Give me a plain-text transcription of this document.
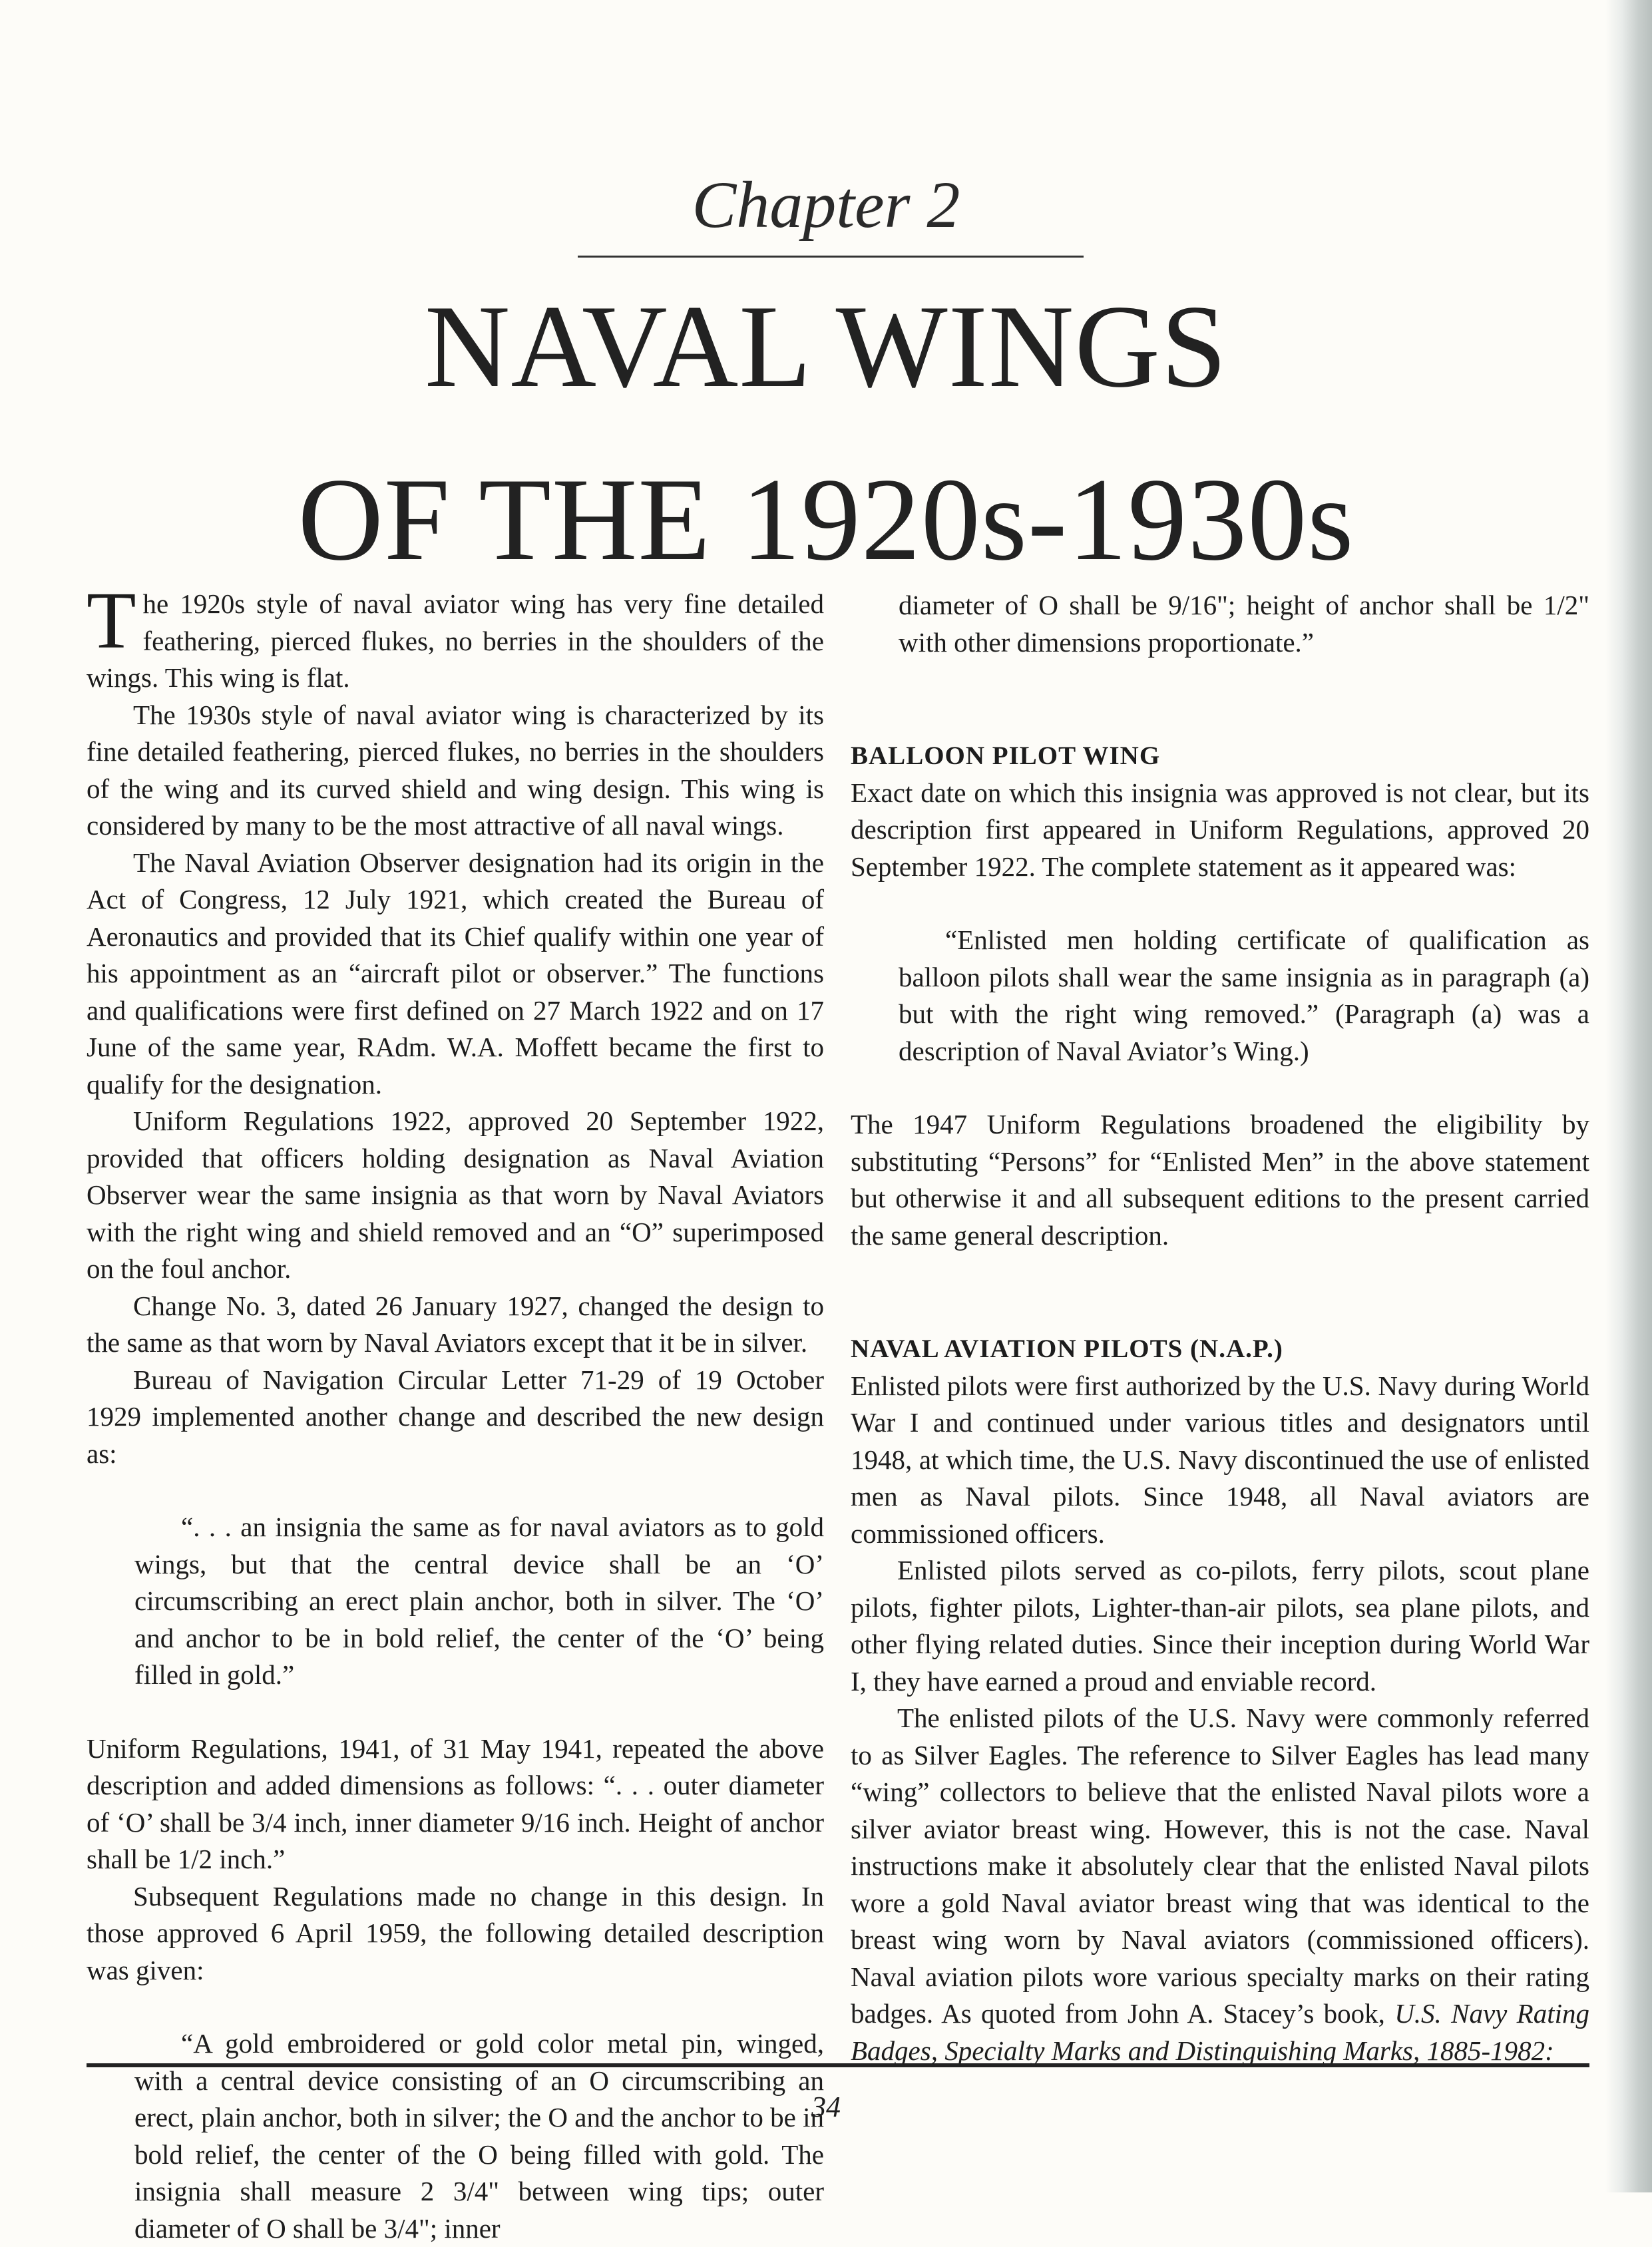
Chapter 2
NAVAL WINGS
OF THE 1920s-1930s

The 1920s style of naval aviator wing has very fine detailed feathering, pierced flukes, no berries in the shoulders of the wings. This wing is flat.

The 1930s style of naval aviator wing is characterized by its fine detailed feathering, pierced flukes, no berries in the shoulders of the wing and its curved shield and wing design. This wing is considered by many to be the most attractive of all naval wings.

The Naval Aviation Observer designation had its origin in the Act of Congress, 12 July 1921, which created the Bureau of Aeronautics and provided that its Chief qualify within one year of his appointment as an “aircraft pilot or observer.” The functions and qualifications were first defined on 27 March 1922 and on 17 June of the same year, RAdm. W.A. Moffett became the first to qualify for the designation.

Uniform Regulations 1922, approved 20 September 1922, provided that officers holding designation as Naval Aviation Observer wear the same insignia as that worn by Naval Aviators with the right wing and shield removed and an “O” superimposed on the foul anchor.

Change No. 3, dated 26 January 1927, changed the design to the same as that worn by Naval Aviators except that it be in silver.

Bureau of Navigation Circular Letter 71-29 of 19 October 1929 implemented another change and described the new design as:

“. . . an insignia the same as for naval aviators as to gold wings, but that the central device shall be an ‘O’ circumscribing an erect plain anchor, both in silver. The ‘O’ and anchor to be in bold relief, the center of the ‘O’ being filled in gold.”

Uniform Regulations, 1941, of 31 May 1941, repeated the above description and added dimensions as follows: “. . . outer diameter of ‘O’ shall be 3/4 inch, inner diameter 9/16 inch. Height of anchor shall be 1/2 inch.”

Subsequent Regulations made no change in this design. In those approved 6 April 1959, the following detailed description was given:

“A gold embroidered or gold color metal pin, winged, with a central device consisting of an O circumscribing an erect, plain anchor, both in silver; the O and the anchor to be in bold relief, the center of the O being filled with gold. The insignia shall measure 2 3/4" between wing tips; outer diameter of O shall be 3/4"; inner

diameter of O shall be 9/16"; height of anchor shall be 1/2" with other dimensions proportionate.”

BALLOON PILOT WING

Exact date on which this insignia was approved is not clear, but its description first appeared in Uniform Regulations, approved 20 September 1922. The complete statement as it appeared was:

“Enlisted men holding certificate of qualification as balloon pilots shall wear the same insignia as in paragraph (a) but with the right wing removed.” (Paragraph (a) was a description of Naval Aviator’s Wing.)

The 1947 Uniform Regulations broadened the eligibility by substituting “Persons” for “Enlisted Men” in the above statement but otherwise it and all subsequent editions to the present carried the same general description.

NAVAL AVIATION PILOTS (N.A.P.)

Enlisted pilots were first authorized by the U.S. Navy during World War I and continued under various titles and designators until 1948, at which time, the U.S. Navy discontinued the use of enlisted men as Naval pilots. Since 1948, all Naval aviators are commissioned officers.

Enlisted pilots served as co-pilots, ferry pilots, scout plane pilots, fighter pilots, Lighter-than-air pilots, sea plane pilots, and other flying related duties. Since their inception during World War I, they have earned a proud and enviable record.

The enlisted pilots of the U.S. Navy were commonly referred to as Silver Eagles. The reference to Silver Eagles has lead many “wing” collectors to believe that the enlisted Naval pilots wore a silver aviator breast wing. However, this is not the case. Naval instructions make it absolutely clear that the enlisted Naval pilots wore a gold Naval aviator breast wing that was identical to the breast wing worn by Naval aviators (commissioned officers). Naval aviation pilots wore various specialty marks on their rating badges. As quoted from John A. Stacey’s book, U.S. Navy Rating Badges, Specialty Marks and Distinguishing Marks, 1885-1982:

34
